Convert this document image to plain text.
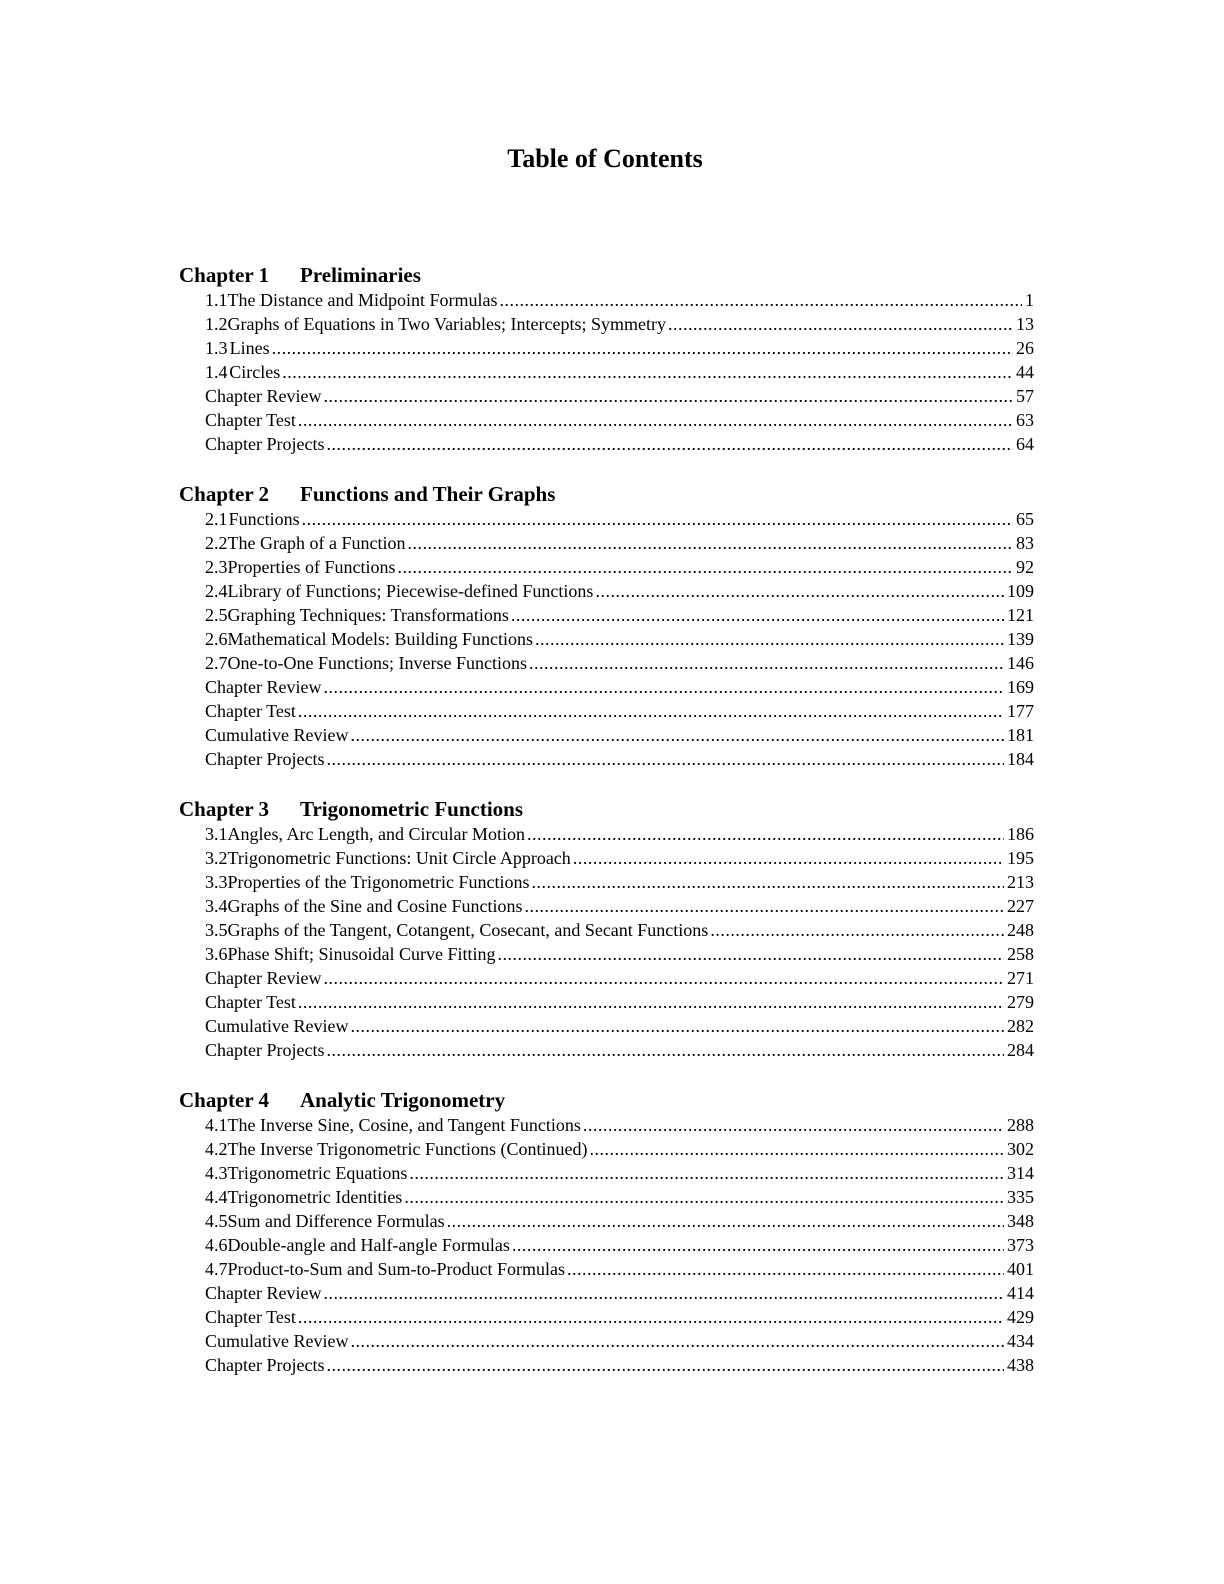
Table of Contents
Chapter 1 Preliminaries
1.1 The Distance and Midpoint Formulas .....	1
1.2 Graphs of Equations in Two Variables; Intercepts; Symmetry .....	13
1.3 Lines .....	26
1.4 Circles .....	44
Chapter Review .....	57
Chapter Test .....	63
Chapter Projects .....	64
Chapter 2 Functions and Their Graphs
2.1 Functions .....	65
2.2 The Graph of a Function .....	83
2.3 Properties of Functions .....	92
2.4 Library of Functions; Piecewise-defined Functions .....	109
2.5 Graphing Techniques: Transformations .....	121
2.6 Mathematical Models: Building Functions .....	139
2.7 One-to-One Functions; Inverse Functions .....	146
Chapter Review .....	169
Chapter Test .....	177
Cumulative Review .....	181
Chapter Projects .....	184
Chapter 3 Trigonometric Functions
3.1 Angles, Arc Length, and Circular Motion .....	186
3.2 Trigonometric Functions: Unit Circle Approach .....	195
3.3 Properties of the Trigonometric Functions .....	213
3.4 Graphs of the Sine and Cosine Functions .....	227
3.5 Graphs of the Tangent, Cotangent, Cosecant, and Secant Functions .....	248
3.6 Phase Shift; Sinusoidal Curve Fitting .....	258
Chapter Review .....	271
Chapter Test .....	279
Cumulative Review .....	282
Chapter Projects .....	284
Chapter 4 Analytic Trigonometry
4.1 The Inverse Sine, Cosine, and Tangent Functions .....	288
4.2 The Inverse Trigonometric Functions (Continued) .....	302
4.3 Trigonometric Equations .....	314
4.4 Trigonometric Identities .....	335
4.5 Sum and Difference Formulas .....	348
4.6 Double-angle and Half-angle Formulas .....	373
4.7 Product-to-Sum and Sum-to-Product Formulas .....	401
Chapter Review .....	414
Chapter Test .....	429
Cumulative Review .....	434
Chapter Projects .....	438
